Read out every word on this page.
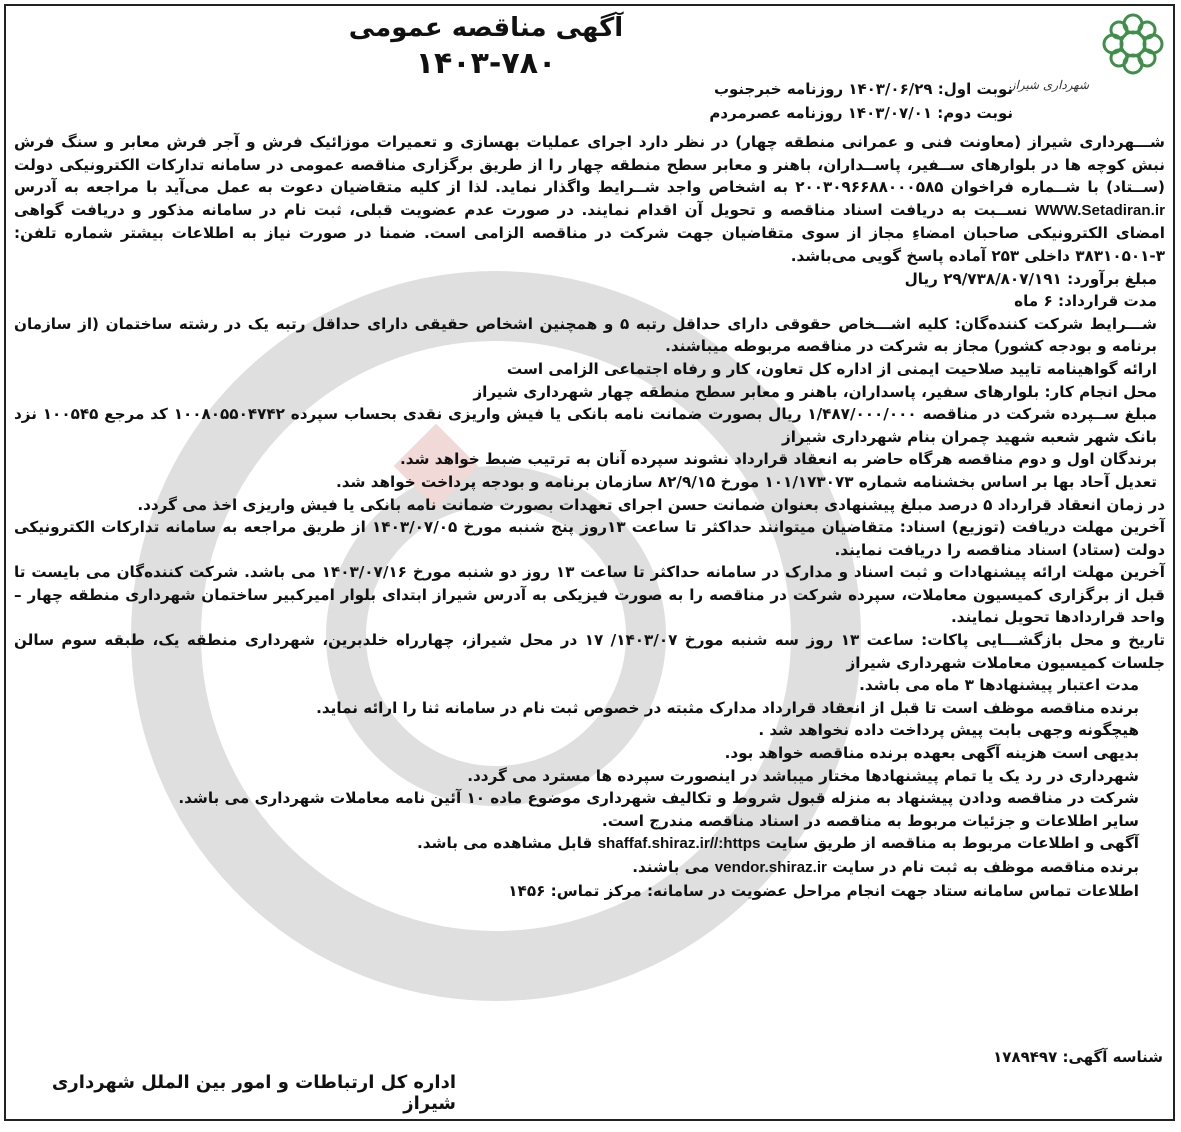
شهرداری شیراز
آگهی مناقصه عمومی
۱۴۰۳-۷۸۰
نوبت اول: ۱۴۰۳/۰۶/۲۹ روزنامه خبرجنوب
نوبت دوم: ۱۴۰۳/۰۷/۰۱ روزنامه عصرمردم

شـــهرداری شیراز (معاونت فنی و عمرانی منطقه چهار) در نظر دارد اجرای عملیات بهسازی و تعمیرات موزائیک فرش و آجر فرش معابر و سنگ فرش نبش کوچه ها در بلوارهای ســفیر، پاســداران، باهنر و معابر سطح منطقه چهار را از طریق برگزاری مناقصه عمومی در سامانه تدارکات الکترونیکی دولت (ســتاد) با شــماره فراخوان ۲۰۰۳۰۹۶۶۸۸۰۰۰۵۸۵ به اشخاص واجد شــرایط واگذار نماید. لذا از کلیه متقاضیان دعوت به عمل می‌آید با مراجعه به آدرس WWW.Setadiran.ir نســبت به دریافت اسناد مناقصه و تحویل آن اقدام نمایند. در صورت عدم عضویت قبلی، ثبت نام در سامانه مذکور و دریافت گواهی امضای الکترونیکی صاحبان امضاءِ مجاز از سوی متقاضیان جهت شرکت در مناقصه الزامی است. ضمنا در صورت نیاز به اطلاعات بیشتر شماره تلفن: ۳-۳۸۳۱۰۵۰۱ داخلی ۲۵۳ آماده پاسخ گویی می‌باشد.

مبلغ برآورد: ۲۹/۷۳۸/۸۰۷/۱۹۱ ریال

مدت قرارداد: ۶ ماه

شـــرایط شرکت کننده‌گان: کلیه اشـــخاص حقوقی دارای حداقل رتبه ۵ و همچنین اشخاص حقیقی دارای حداقل رتبه یک در رشته ساختمان (از سازمان برنامه و بودجه کشور) مجاز به شرکت در مناقصه مربوطه میباشند.

ارائه گواهینامه تایید صلاحیت ایمنی از اداره کل تعاون، کار و رفاه اجتماعی الزامی است

محل انجام کار: بلوارهای سفیر، پاسداران، باهنر و معابر سطح منطقه چهار شهرداری شیراز

مبلغ ســپرده شرکت در مناقصه ۱/۴۸۷/۰۰۰/۰۰۰ ریال بصورت ضمانت نامه بانکی یا فیش واریزی نقدی بحساب سپرده ۱۰۰۸۰۵۵۰۴۷۴۲ کد مرجع ۱۰۰۵۴۵ نزد بانک شهر شعبه شهید چمران بنام شهرداری شیراز

برندگان اول و دوم مناقصه هرگاه حاضر به انعقاد قرارداد نشوند سپرده آنان به ترتیب ضبط خواهد شد.

تعدیل آحاد بها بر اساس بخشنامه شماره ۱۰۱/۱۷۳۰۷۳ مورخ ۸۲/۹/۱۵ سازمان برنامه و بودجه پرداخت خواهد شد.

در زمان انعقاد قرارداد ۵ درصد مبلغ پیشنهادی بعنوان ضمانت حسن اجرای تعهدات بصورت ضمانت نامه بانکی یا فیش واریزی اخذ می گردد.

آخرین مهلت دریافت (توزیع) اسناد: متقاضیان میتوانند حداکثر تا ساعت ۱۳روز پنج شنبه مورخ ۱۴۰۳/۰۷/۰۵ از طریق مراجعه به سامانه تدارکات الکترونیکی دولت (ستاد) اسناد مناقصه را دریافت نمایند.

آخرین مهلت ارائه پیشنهادات و ثبت اسناد و مدارک در سامانه حداکثر تا ساعت ۱۳ روز دو شنبه مورخ ۱۴۰۳/۰۷/۱۶ می باشد. شرکت کننده‌گان می بایست تا قبل از برگزاری کمیسیون معاملات، سپرده شرکت در مناقصه را به صورت فیزیکی به آدرس شیراز ابتدای بلوار امیرکبیر ساختمان شهرداری منطقه چهار – واحد قراردادها تحویل نمایند.

تاریخ و محل بازگشـــایی پاکات: ساعت ۱۳ روز سه شنبه مورخ ۱۴۰۳/۰۷/ ۱۷ در محل شیراز، چهارراه خلدبرین، شهرداری منطقه یک، طبقه سوم سالن جلسات کمیسیون معاملات شهرداری شیراز

مدت اعتبار پیشنهادها ۳ ماه می باشد.

برنده مناقصه موظف است تا قبل از انعقاد قرارداد مدارک مثبته در خصوص ثبت نام در سامانه ثنا را ارائه نماید.

هیچگونه وجهی بابت پیش پرداخت داده نخواهد شد .

بدیهی است هزینه آگهی بعهده برنده مناقصه خواهد بود.

شهرداری در رد یک یا تمام پیشنهادها مختار میباشد در اینصورت سپرده ها مسترد می گردد.

شرکت در مناقصه ودادن پیشنهاد به منزله قبول شروط و تکالیف شهرداری موضوع ماده ۱۰ آئین نامه معاملات شهرداری می باشد.

سایر اطلاعات و جزئیات مربوط به مناقصه در اسناد مناقصه مندرج است.

آگهی و اطلاعات مربوط به مناقصه از طریق سایت shaffaf.shiraz.ir//:https قابل مشاهده می باشد.

برنده مناقصه موظف به ثبت نام در سایت vendor.shiraz.ir می باشند.

اطلاعات تماس سامانه ستاد جهت انجام مراحل عضویت در سامانه: مرکز تماس: ۱۴۵۶

شناسه آگهی: ۱۷۸۹۴۹۷
اداره کل ارتباطات و امور بین الملل شهرداری شیراز
